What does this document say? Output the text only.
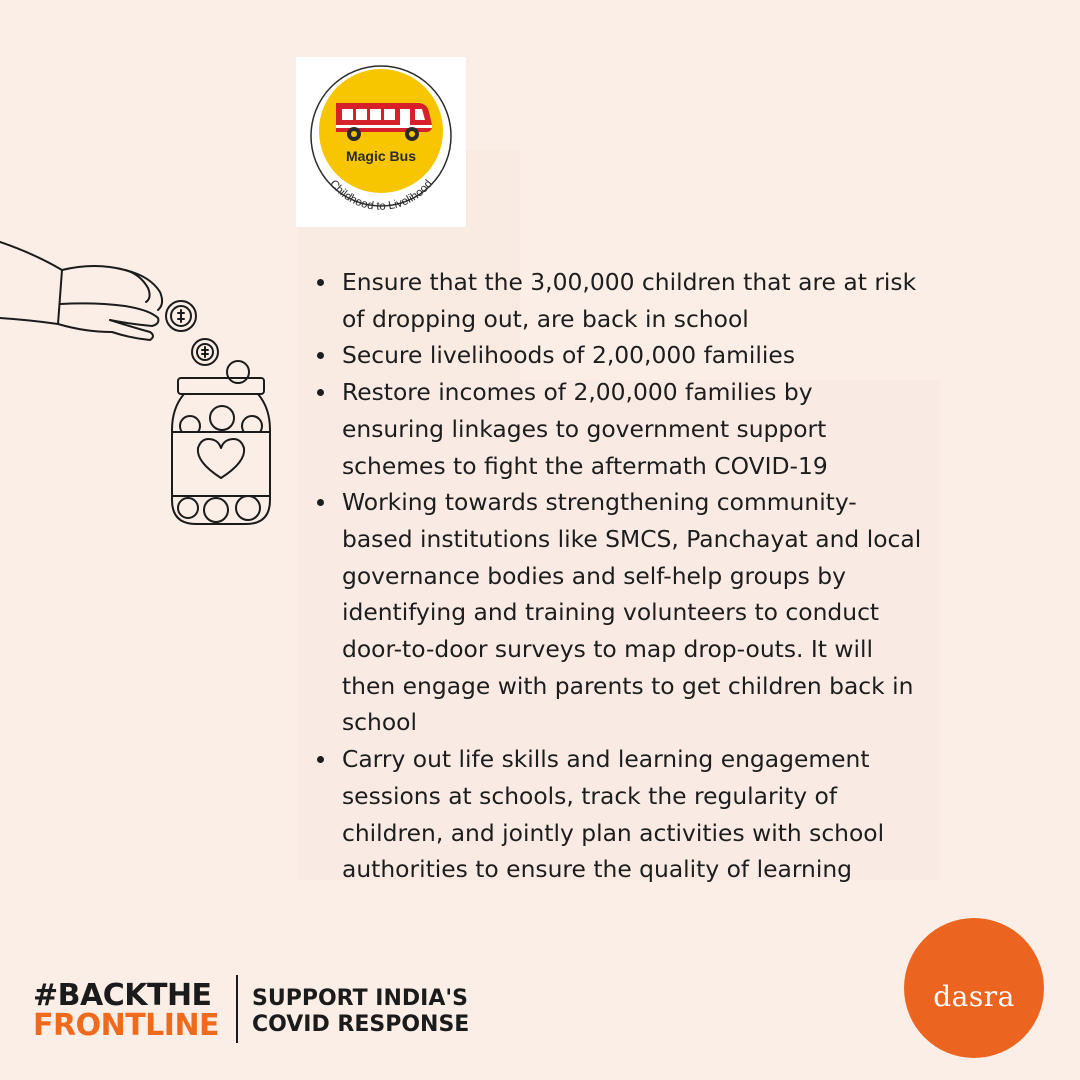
Magic Bus
Childhood to Livelihood
Ensure that the 3,00,000 children that are at risk of dropping out, are back in school
Secure livelihoods of 2,00,000 families
Restore incomes of 2,00,000 families by ensuring linkages to government support schemes to fight the aftermath COVID-19
Working towards strengthening community-based institutions like SMCS, Panchayat and local governance bodies and self-help groups by identifying and training volunteers to conduct door-to-door surveys to map drop-outs. It will then engage with parents to get children back in school
Carry out life skills and learning engagement sessions at schools, track the regularity of children, and jointly plan activities with school authorities to ensure the quality of learning
#BACKTHE
FRONTLINE
SUPPORT INDIA'S
COVID RESPONSE
dasra
